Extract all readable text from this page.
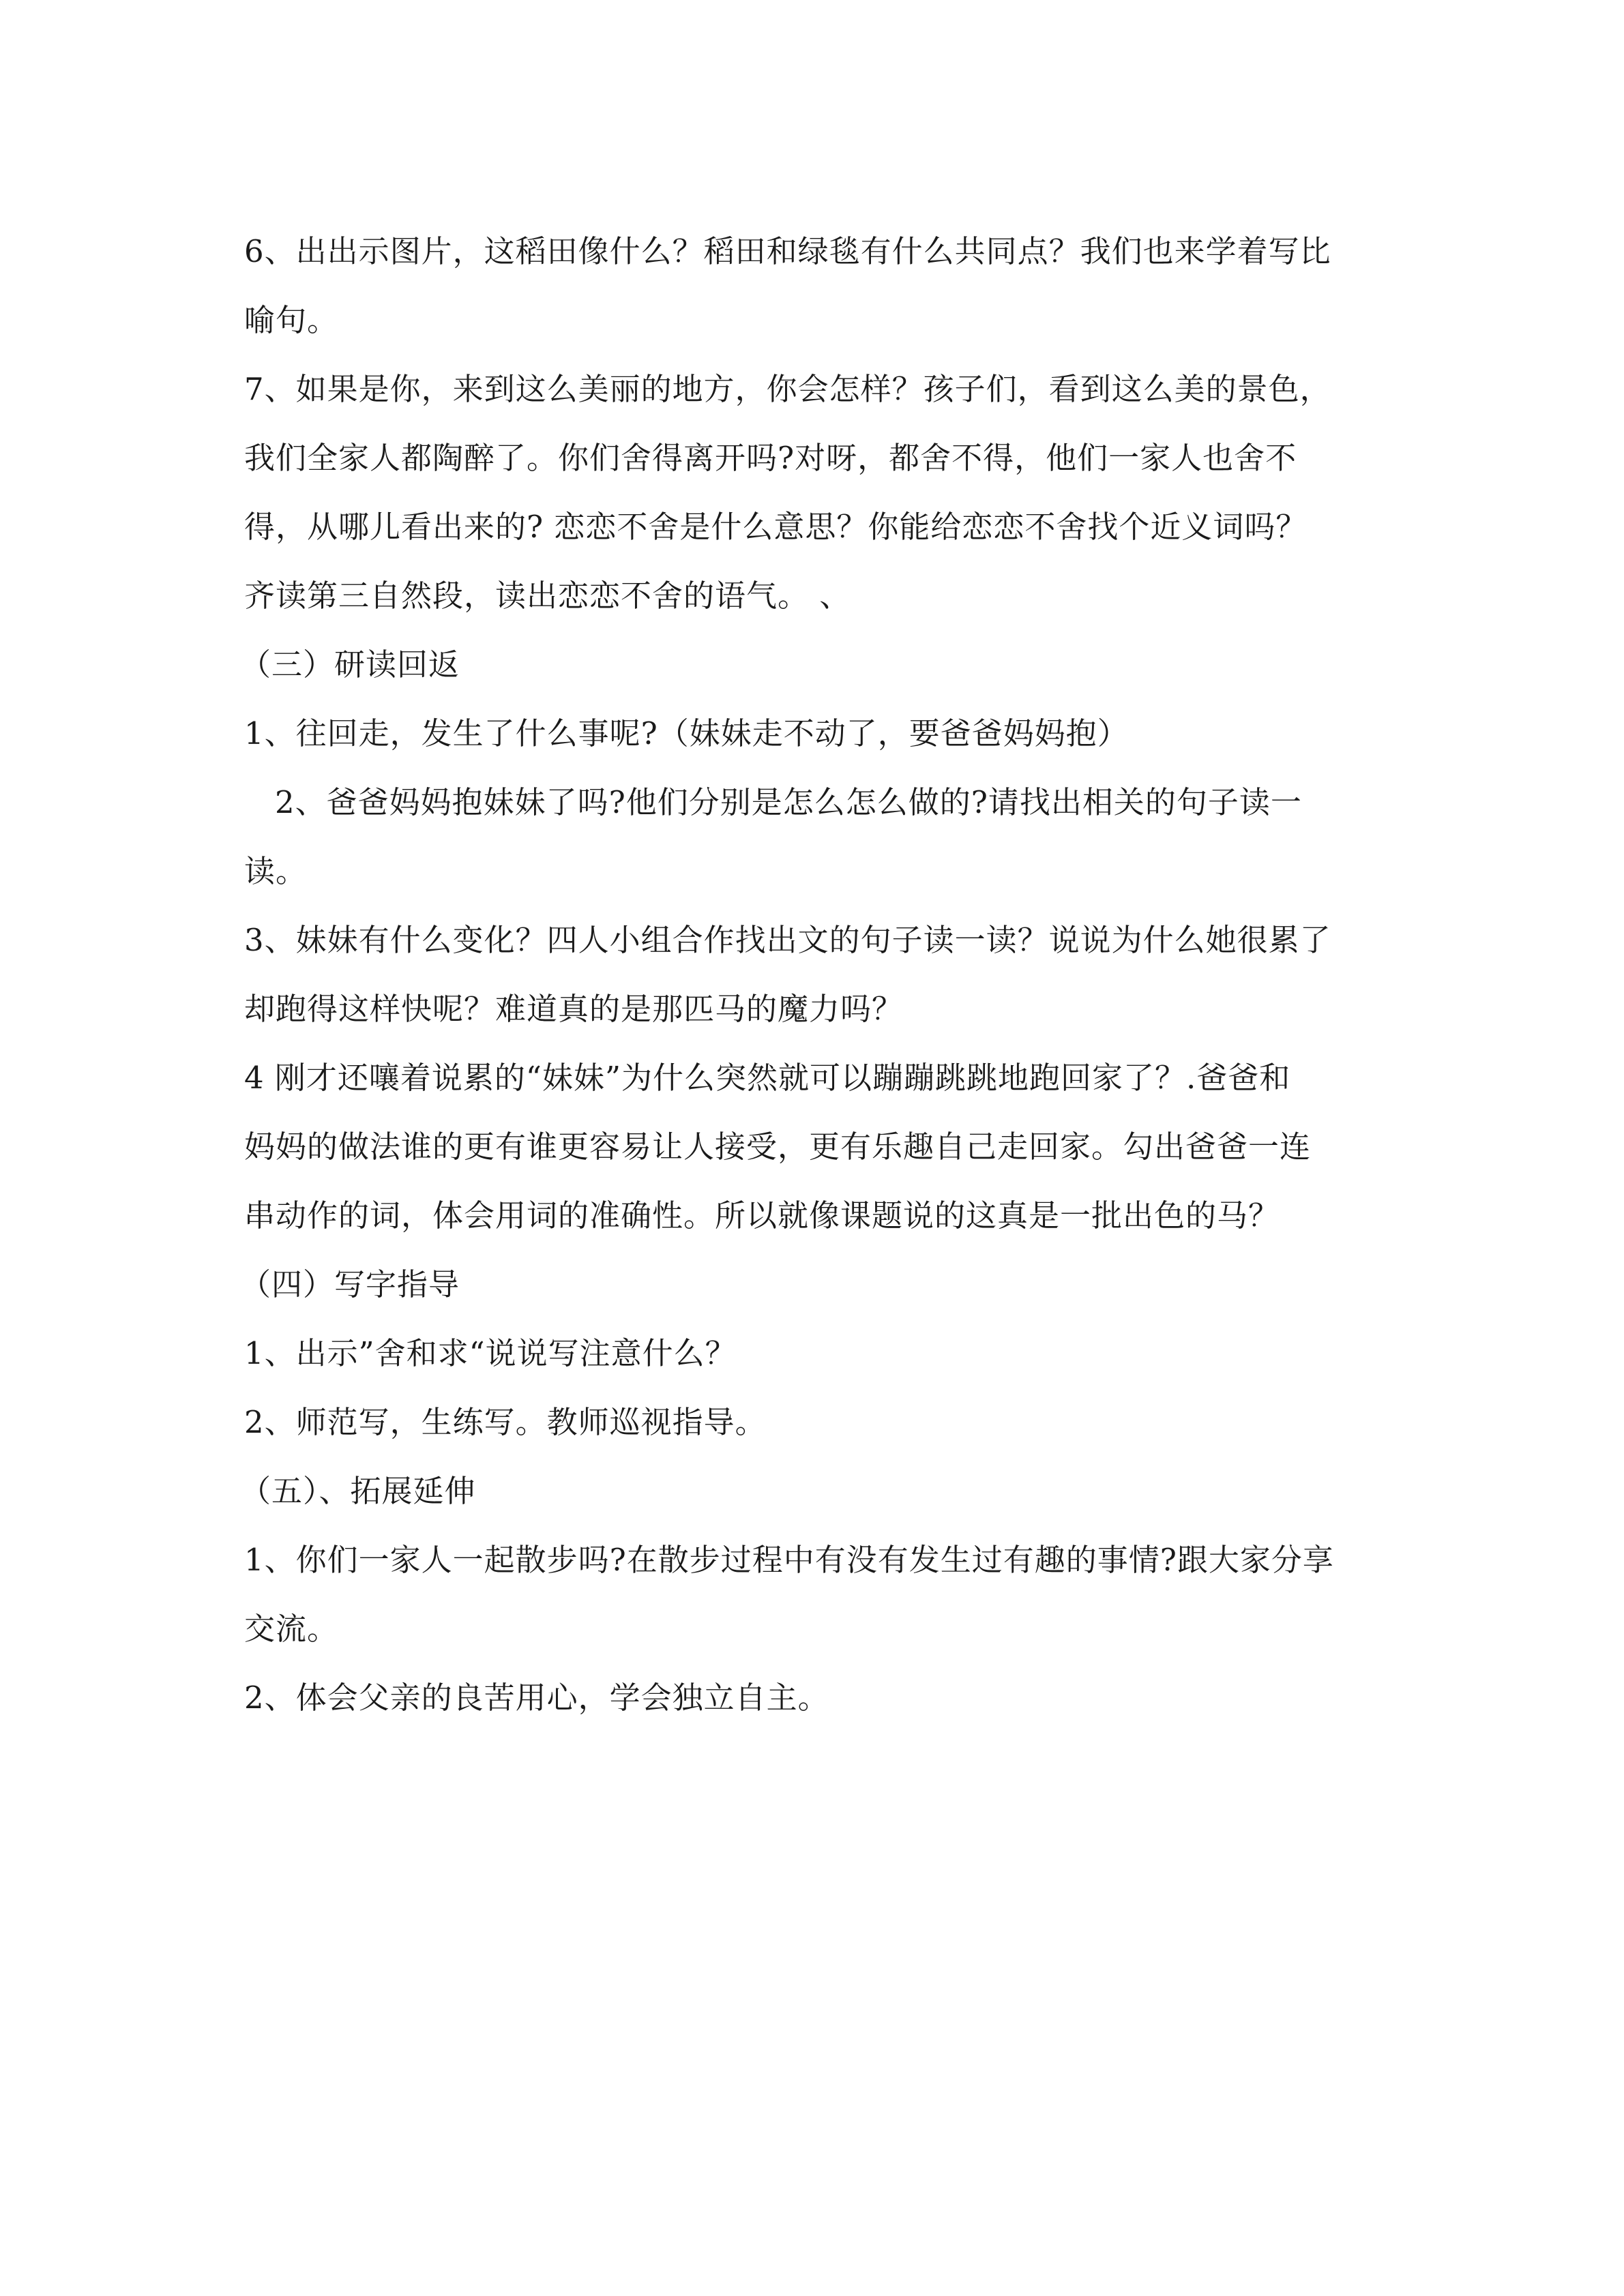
6、出出示图片，这稻田像什么？稻田和绿毯有什么共同点？我们也来学着写比
喻句。
7、如果是你，来到这么美丽的地方，你会怎样？孩子们，看到这么美的景色，
我们全家人都陶醉了。你们舍得离开吗?对呀，都舍不得，他们一家人也舍不
得，从哪儿看出来的? 恋恋不舍是什么意思？你能给恋恋不舍找个近义词吗？
齐读第三自然段，读出恋恋不舍的语气。 、
（三）研读回返
1、往回走，发生了什么事呢?（妹妹走不动了，要爸爸妈妈抱）
2、爸爸妈妈抱妹妹了吗?他们分别是怎么怎么做的?请找出相关的句子读一
读。
3、妹妹有什么变化？四人小组合作找出文的句子读一读？说说为什么她很累了
却跑得这样快呢？难道真的是那匹马的魔力吗？
4 刚才还嚷着说累的“妹妹”为什么突然就可以蹦蹦跳跳地跑回家了？.爸爸和
妈妈的做法谁的更有谁更容易让人接受，更有乐趣自己走回家。勾出爸爸一连
串动作的词，体会用词的准确性。所以就像课题说的这真是一批出色的马？
（四）写字指导
1、出示”舍和求“说说写注意什么？
2、师范写，生练写。教师巡视指导。
（五）、拓展延伸
1、你们一家人一起散步吗?在散步过程中有没有发生过有趣的事情?跟大家分享
交流。
2、体会父亲的良苦用心，学会独立自主。
